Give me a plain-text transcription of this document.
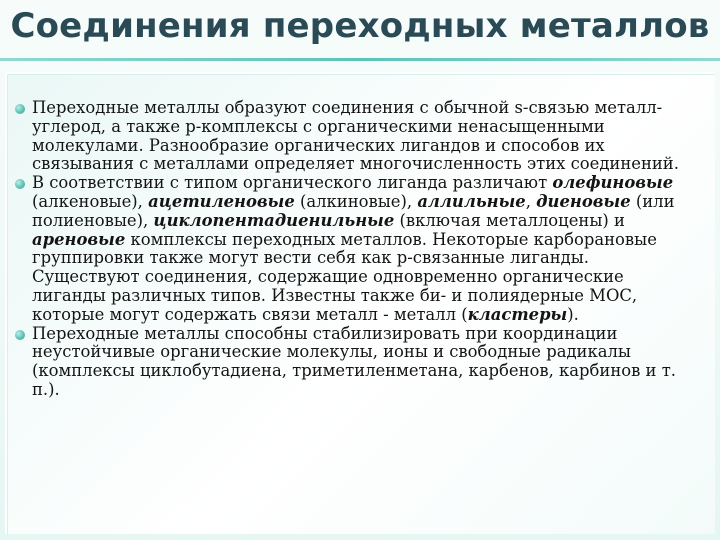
Соединения переходных металлов
Переходные металлы образуют соединения с обычной s-связью металл-углерод, а также p-комплексы с органическими ненасыщенными молекулами. Разнообразие органических лигандов и способов их связывания с металлами определяет многочисленность этих соединений.
В соответствии с типом органического лиганда различают олефиновые (алкеновые), ацетиленовые (алкиновые), аллильные, диеновые (или полиеновые), циклопентадиенильные (включая металлоцены) и ареновые комплексы переходных металлов. Некоторые карборановые группировки также могут вести себя как p-связанные лиганды. Существуют соединения, содержащие одновременно органические лиганды различных типов. Известны также би- и полиядерные МОС, которые могут содержать связи металл - металл (кластеры).
Переходные металлы способны стабилизировать при координации неустойчивые органические молекулы, ионы и свободные радикалы (комплексы циклобутадиена, триметиленметана, карбенов, карбинов и т. п.).
